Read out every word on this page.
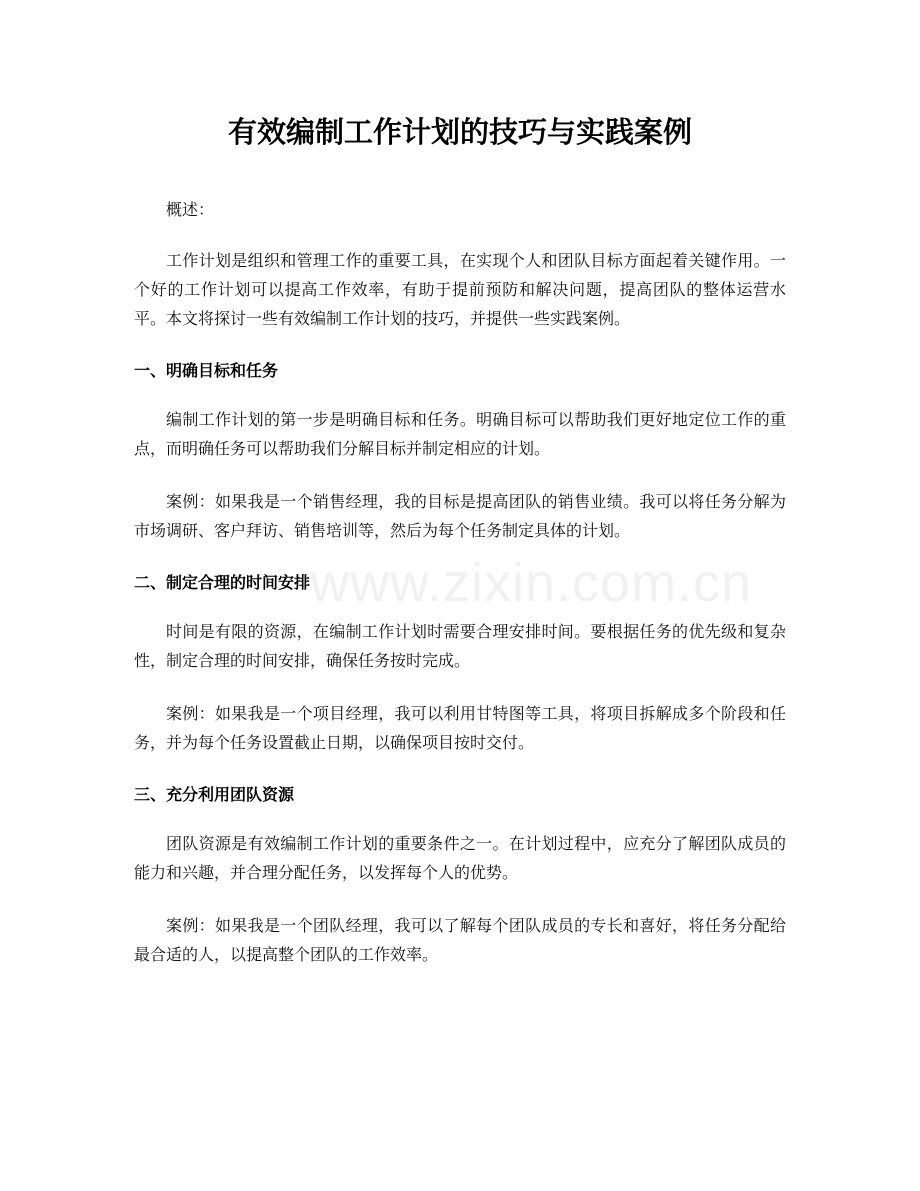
www.zixin.com.cn
有效编制工作计划的技巧与实践案例

概述：

工作计划是组织和管理工作的重要工具，在实现个人和团队目标方面起着关键作用。一个好的工作计划可以提高工作效率，有助于提前预防和解决问题，提高团队的整体运营水平。本文将探讨一些有效编制工作计划的技巧，并提供一些实践案例。

一、明确目标和任务

编制工作计划的第一步是明确目标和任务。明确目标可以帮助我们更好地定位工作的重点，而明确任务可以帮助我们分解目标并制定相应的计划。

案例：如果我是一个销售经理，我的目标是提高团队的销售业绩。我可以将任务分解为市场调研、客户拜访、销售培训等，然后为每个任务制定具体的计划。

二、制定合理的时间安排

时间是有限的资源，在编制工作计划时需要合理安排时间。要根据任务的优先级和复杂性，制定合理的时间安排，确保任务按时完成。

案例：如果我是一个项目经理，我可以利用甘特图等工具，将项目拆解成多个阶段和任务，并为每个任务设置截止日期，以确保项目按时交付。

三、充分利用团队资源

团队资源是有效编制工作计划的重要条件之一。在计划过程中，应充分了解团队成员的能力和兴趣，并合理分配任务，以发挥每个人的优势。

案例：如果我是一个团队经理，我可以了解每个团队成员的专长和喜好，将任务分配给最合适的人，以提高整个团队的工作效率。
